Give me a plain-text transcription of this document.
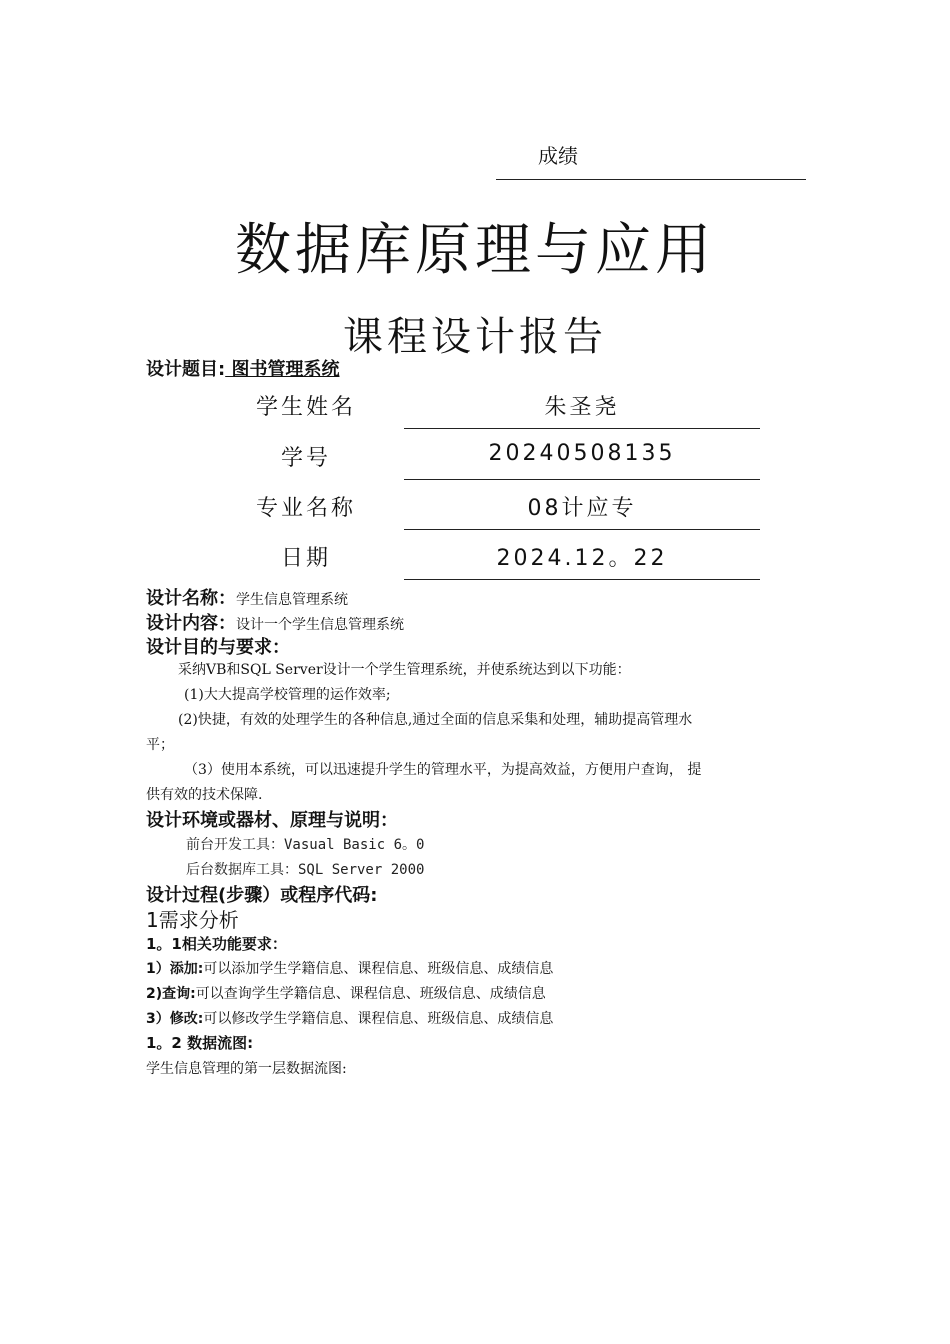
成绩
数据库原理与应用
课程设计报告
设计题目: 图书管理系统
学生姓名	朱圣尧
学号	20240508135
专业名称	08计应专
日期	2024.12。22
设计名称：学生信息管理系统
设计内容：设计一个学生信息管理系统
设计目的与要求：
采纳VB和SQL Server设计一个学生管理系统，并使系统达到以下功能：
(1)大大提高学校管理的运作效率;
(2)快捷，有效的处理学生的各种信息,通过全面的信息采集和处理，辅助提高管理水
平；
（3）使用本系统，可以迅速提升学生的管理水平，为提高效益，方便用户查询， 提
供有效的技术保障.
设计环境或器材、原理与说明：
前台开发工具：Vasual Basic 6。0
后台数据库工具：SQL Server 2000
设计过程(步骤）或程序代码:
1需求分析
1。1相关功能要求：
1）添加:可以添加学生学籍信息、课程信息、班级信息、成绩信息
2)查询:可以查询学生学籍信息、课程信息、班级信息、成绩信息
3）修改:可以修改学生学籍信息、课程信息、班级信息、成绩信息
1。2 数据流图:
学生信息管理的第一层数据流图:
